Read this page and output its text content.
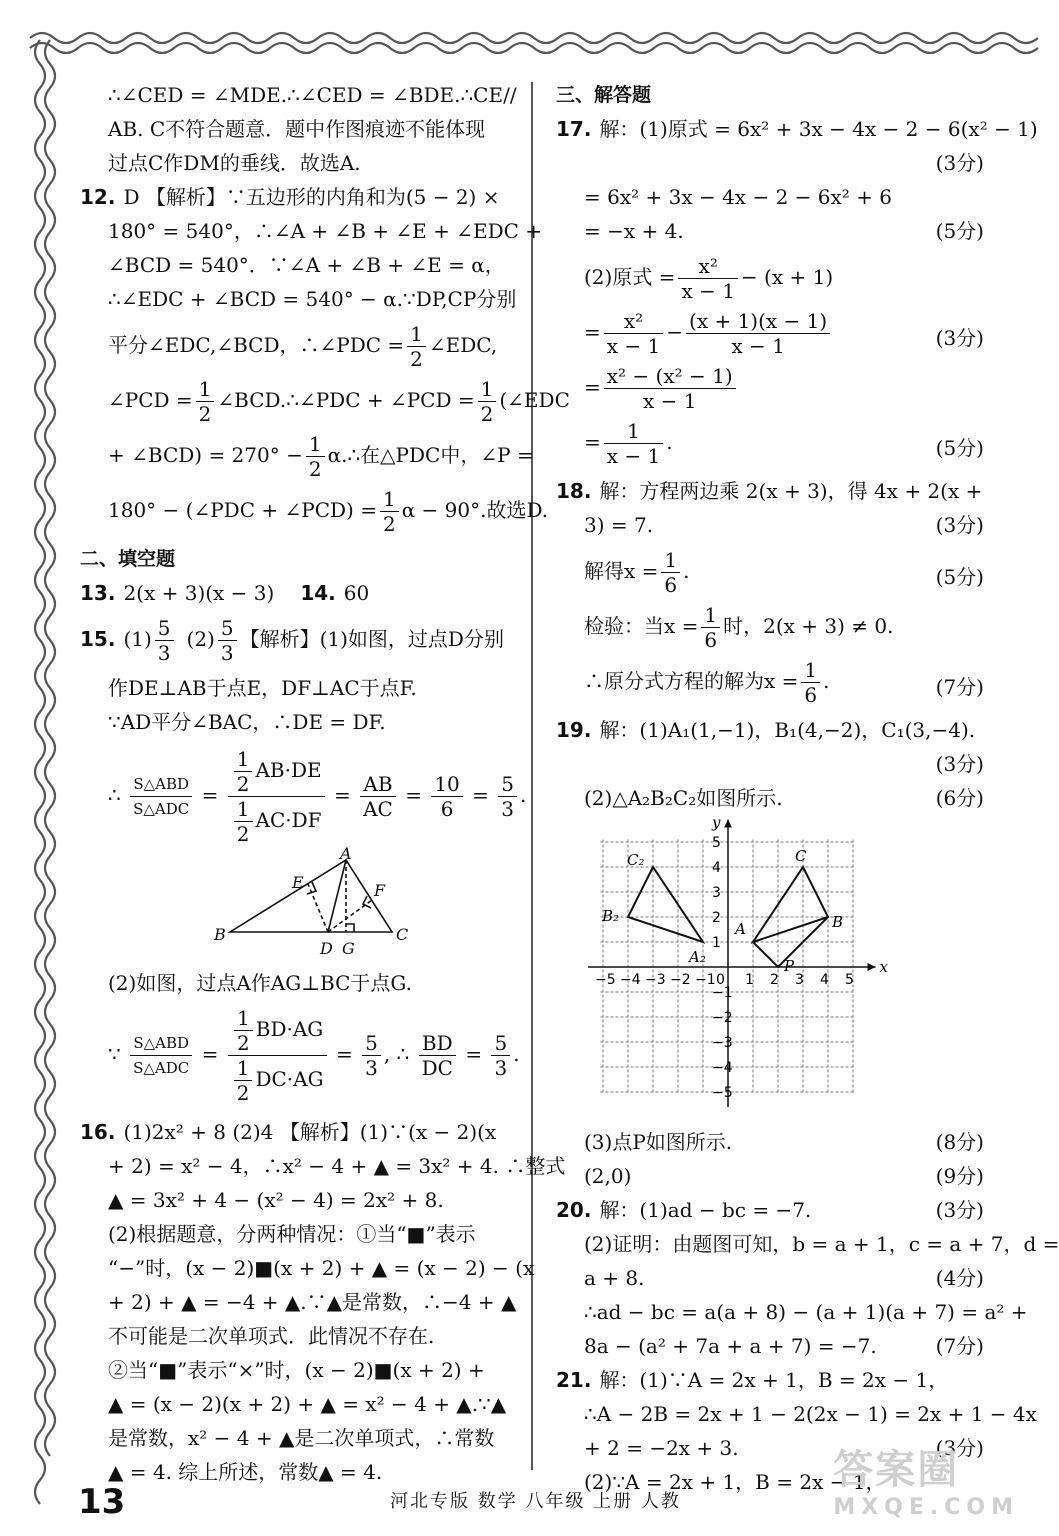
∴∠CED = ∠MDE.∴∠CED = ∠BDE.∴CE//
AB. C不符合题意．题中作图痕迹不能体现
过点C作DM的垂线．故选A.
12. D 【解析】∵五边形的内角和为(5 − 2) ×
180° = 540°，∴∠A + ∠B + ∠E + ∠EDC +
∠BCD = 540°．∵∠A + ∠B + ∠E = α，
∴∠EDC + ∠BCD = 540° − α.∵DP,CP分别
平分∠EDC,∠BCD，∴∠PDC = $\frac{1}{2}$ ∠EDC,
∠PCD = $\frac{1}{2}$ ∠BCD.∴∠PDC + ∠PCD = $\frac{1}{2}$ (∠EDC
+ ∠BCD) = $270^\circ - \frac{1}{2}$ α.∴在△PDC中，∠P =
180° − (∠PDC + ∠PCD) = $\frac{1}{2}$ α − 90°.故选D.
二、填空题
13. 2(x + 3)(x − 3) 14. 60
15. $(1) \frac{5}{3} (2) \frac{5}{3}$ 【解析】(1)如图，过点D分别
作DE⊥AB于点E，DF⊥AC于点F.
∵AD平分∠BAC，∴DE = DF.
∴ $\frac{\text{S△ABD}}{\text{S△ADC}} = \frac{\frac{1}{2} AB\cdot DE}{\frac{1}{2} AC\cdot DF} = \frac{AB}{AC} = \frac{10}{6} = \frac{5}{3}$ .
B
A
C
D
E	F
G
(2)如图，过点A作AG⊥BC于点G.
∵ $\frac{\text{S△ABD}}{\text{S△ADC}} = \frac{\frac{1}{2} BD\cdot AG}{\frac{1}{2} DC\cdot AG} = \frac{5}{3}$ , ∴ $\frac{BD}{DC} = \frac{5}{3}$ .
16. (1)2x² + 8 (2)4 【解析】(1)∵(x − 2)(x
+ 2) = x² − 4，∴x² − 4 + ▲ = 3x² + 4. ∴整式
▲ = 3x² + 4 − (x² − 4) = 2x² + 8.
(2)根据题意，分两种情况：①当“■”表示
“−”时，(x − 2)■(x + 2) + ▲ = (x − 2) − (x
+ 2) + ▲ = −4 + ▲.∵▲是常数，∴−4 + ▲
不可能是二次单项式．此情况不存在.
②当“■”表示“×”时，(x − 2)■(x + 2) +
▲ = (x − 2)(x + 2) + ▲ = x² − 4 + ▲.∵▲
是常数，x² − 4 + ▲是二次单项式，∴常数
▲ = 4. 综上所述，常数▲ = 4.
三、解答题
17. 解：(1)原式 = 6x² + 3x − 4x − 2 − 6(x² − 1)

(3分)
= 6x² + 3x − 4x − 2 − 6x² + 6
= −x + 4.	(5分)
(2)原式 = $\frac{\text{x²}}{x - 1} - (x + 1)$
= $\frac{\text{x²}}{x - 1} - \frac{(x + 1)(x - 1)}{x - 1}$	(3分)
= $\frac{\text{x² − (x² − 1)}}{x - 1}$
= $\frac{1}{x - 1}$ .	(5分)
18. 解：方程两边乘 2(x + 3)，得 4x + 2(x +
3) = 7.	(3分)
解得$x = \frac{1}{6}$ .	(5分)
检验：当$x = \frac{1}{6}$ 时，2(x + 3) ≠ 0.
∴原分式方程的解为$x = \frac{1}{6}$ .	(7分)
19. 解：(1)A₁(1,−1)，B₁(4,−2)，C₁(3,−4).

(3分)
(2)△A₂B₂C₂如图所示.	(6分)
x
y
−5 −4 −3 −2 −1 1 2 3 4 5
5
4
3
2
1
−1
−2
−3
−4
−5
0
A	B
C
P
A₂
B₂
C₂
(3)点P如图所示.	(8分)
(2,0)	(9分)
20. 解：(1)ad − bc = −7.	(3分)
(2)证明：由题图可知，b = a + 1，c = a + 7，d =
a + 8.	(4分)
∴ad − bc = a(a + 8) − (a + 1)(a + 7) = a² +
8a − (a² + 7a + a + 7) = −7.	(7分)
21. 解：(1)∵A = 2x + 1，B = 2x − 1，
∴A − 2B = 2x + 1 − 2(2x − 1) = 2x + 1 − 4x
+ 2 = −2x + 3.	(3分)
(2)∵A = 2x + 1，B = 2x − 1，
13	河北专版 数学 八年级 上册 人教
答案圈
MXQE.COM
